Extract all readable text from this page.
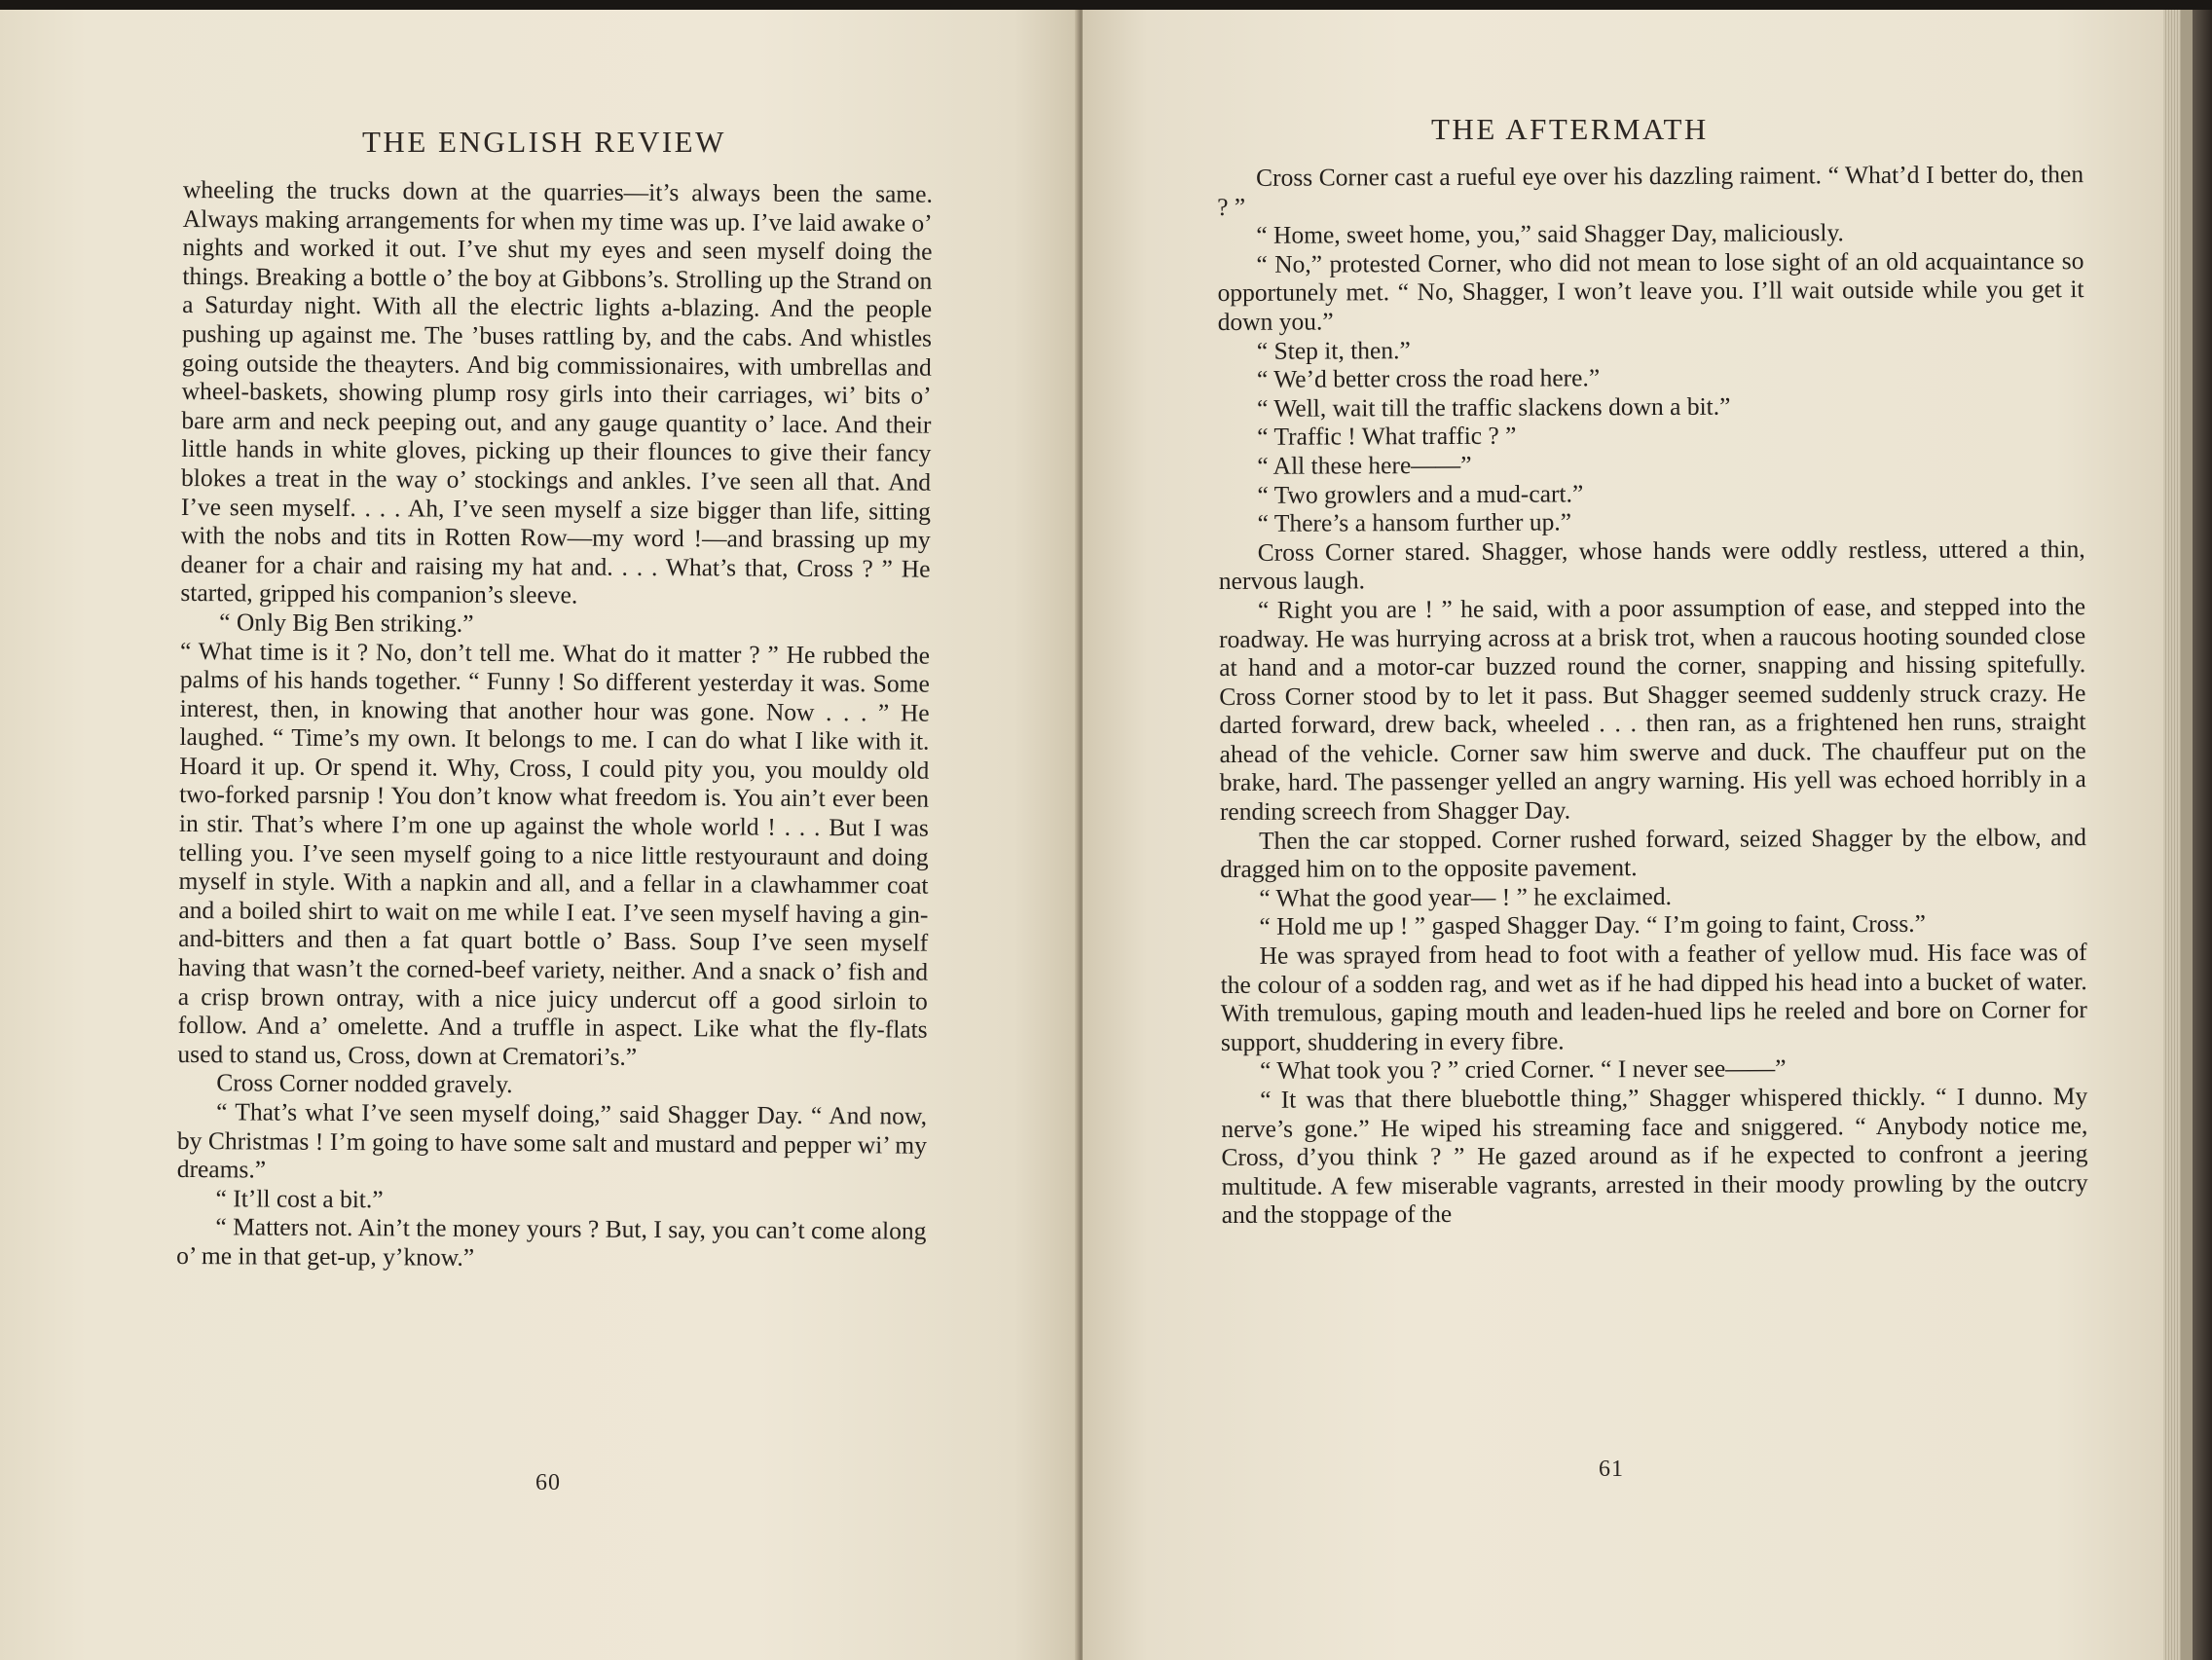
THE ENGLISH REVIEW

wheeling the trucks down at the quarries—it’s always been the same. Always making arrangements for when my time was up. I’ve laid awake o’ nights and worked it out. I’ve shut my eyes and seen myself doing the things. Breaking a bottle o’ the boy at Gibbons’s. Strolling up the Strand on a Saturday night. With all the electric lights a-blazing. And the people pushing up against me. The ’buses rattling by, and the cabs. And whistles going outside the theayters. And big commissionaires, with umbrellas and wheel-baskets, showing plump rosy girls into their carriages, wi’ bits o’ bare arm and neck peeping out, and any gauge quantity o’ lace. And their little hands in white gloves, picking up their flounces to give their fancy blokes a treat in the way o’ stockings and ankles. I’ve seen all that. And I’ve seen myself. . . . Ah, I’ve seen myself a size bigger than life, sitting with the nobs and tits in Rotten Row—my word !—and brassing up my deaner for a chair and raising my hat and. . . . What’s that, Cross ? ” He started, gripped his companion’s sleeve.

“ Only Big Ben striking.”

“ What time is it ? No, don’t tell me. What do it matter ? ” He rubbed the palms of his hands together. “ Funny ! So different yesterday it was. Some interest, then, in knowing that another hour was gone. Now . . . ” He laughed. “ Time’s my own. It belongs to me. I can do what I like with it. Hoard it up. Or spend it. Why, Cross, I could pity you, you mouldy old two-forked parsnip ! You don’t know what freedom is. You ain’t ever been in stir. That’s where I’m one up against the whole world ! . . . But I was telling you. I’ve seen myself going to a nice little restyouraunt and doing myself in style. With a napkin and all, and a fellar in a clawhammer coat and a boiled shirt to wait on me while I eat. I’ve seen myself having a gin-and-bitters and then a fat quart bottle o’ Bass. Soup I’ve seen myself having that wasn’t the corned-beef variety, neither. And a snack o’ fish and a crisp brown ontray, with a nice juicy undercut off a good sirloin to follow. And a’ omelette. And a truffle in aspect. Like what the fly-flats used to stand us, Cross, down at Crematori’s.”

Cross Corner nodded gravely.

“ That’s what I’ve seen myself doing,” said Shagger Day. “ And now, by Christmas ! I’m going to have some salt and mustard and pepper wi’ my dreams.”

“ It’ll cost a bit.”

“ Matters not. Ain’t the money yours ? But, I say, you can’t come along o’ me in that get-up, y’know.”

60
THE AFTERMATH

Cross Corner cast a rueful eye over his dazzling raiment. “ What’d I better do, then ? ”

“ Home, sweet home, you,” said Shagger Day, maliciously.

“ No,” protested Corner, who did not mean to lose sight of an old acquaintance so opportunely met. “ No, Shagger, I won’t leave you. I’ll wait outside while you get it down you.”

“ Step it, then.”

“ We’d better cross the road here.”

“ Well, wait till the traffic slackens down a bit.”

“ Traffic ! What traffic ? ”

“ All these here——”

“ Two growlers and a mud-cart.”

“ There’s a hansom further up.”

Cross Corner stared. Shagger, whose hands were oddly restless, uttered a thin, nervous laugh.

“ Right you are ! ” he said, with a poor assumption of ease, and stepped into the roadway. He was hurrying across at a brisk trot, when a raucous hooting sounded close at hand and a motor-car buzzed round the corner, snapping and hissing spitefully. Cross Corner stood by to let it pass. But Shagger seemed suddenly struck crazy. He darted forward, drew back, wheeled . . . then ran, as a frightened hen runs, straight ahead of the vehicle. Corner saw him swerve and duck. The chauffeur put on the brake, hard. The passenger yelled an angry warning. His yell was echoed horribly in a rending screech from Shagger Day.

Then the car stopped. Corner rushed forward, seized Shagger by the elbow, and dragged him on to the opposite pavement.

“ What the good year— ! ” he exclaimed.

“ Hold me up ! ” gasped Shagger Day. “ I’m going to faint, Cross.”

He was sprayed from head to foot with a feather of yellow mud. His face was of the colour of a sodden rag, and wet as if he had dipped his head into a bucket of water. With tremulous, gaping mouth and leaden-hued lips he reeled and bore on Corner for support, shuddering in every fibre.

“ What took you ? ” cried Corner. “ I never see——”

“ It was that there bluebottle thing,” Shagger whispered thickly. “ I dunno. My nerve’s gone.” He wiped his streaming face and sniggered. “ Anybody notice me, Cross, d’you think ? ” He gazed around as if he expected to confront a jeering multitude. A few miserable vagrants, arrested in their moody prowling by the outcry and the stoppage of the

61
